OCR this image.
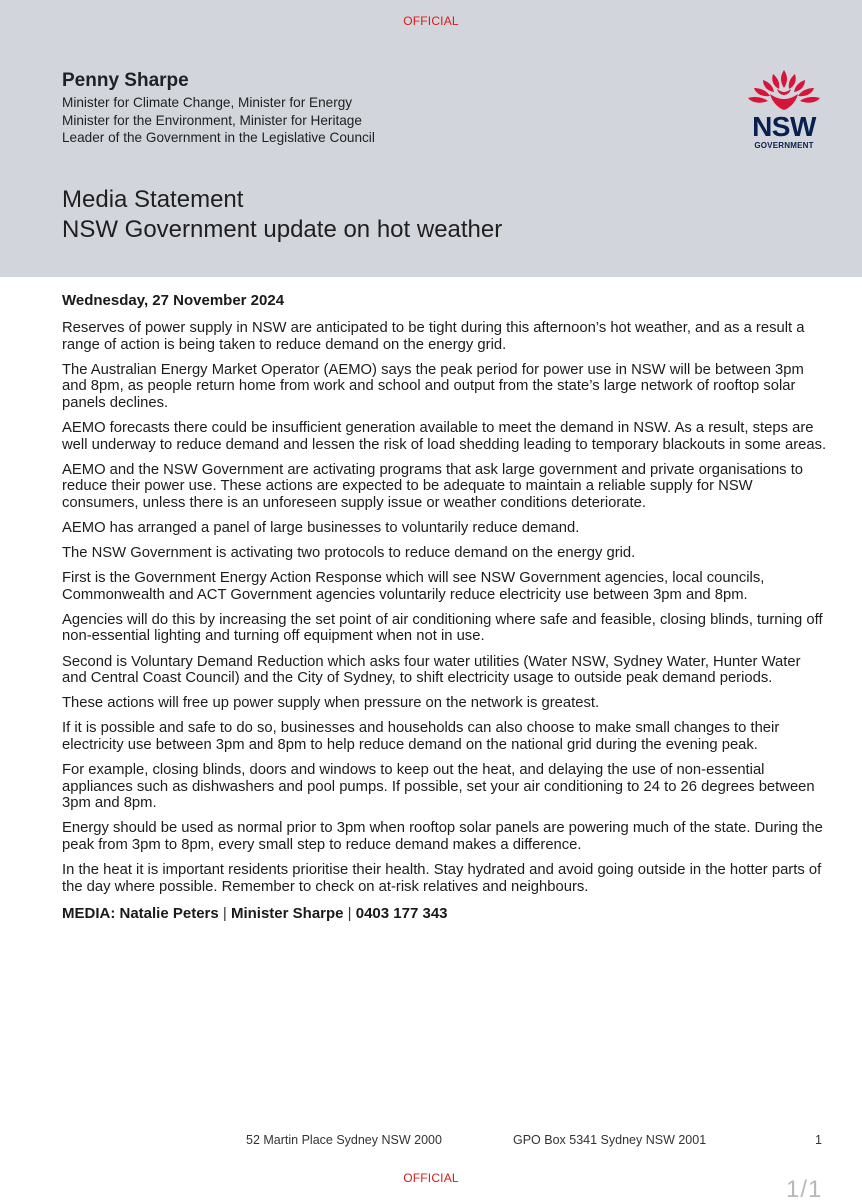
OFFICIAL
Penny Sharpe
Minister for Climate Change, Minister for Energy
Minister for the Environment, Minister for Heritage
Leader of the Government in the Legislative Council	NSW
GOVERNMENT
Media Statement
NSW Government update on hot weather
Wednesday, 27 November 2024

Reserves of power supply in NSW are anticipated to be tight during this afternoon’s hot weather, and as a result a range of action is being taken to reduce demand on the energy grid.

The Australian Energy Market Operator (AEMO) says the peak period for power use in NSW will be between 3pm and 8pm, as people return home from work and school and output from the state’s large network of rooftop solar panels declines.

AEMO forecasts there could be insufficient generation available to meet the demand in NSW. As a result, steps are well underway to reduce demand and lessen the risk of load shedding leading to temporary blackouts in some areas.

AEMO and the NSW Government are activating programs that ask large government and private organisations to reduce their power use. These actions are expected to be adequate to maintain a reliable supply for NSW consumers, unless there is an unforeseen supply issue or weather conditions deteriorate.

AEMO has arranged a panel of large businesses to voluntarily reduce demand.

The NSW Government is activating two protocols to reduce demand on the energy grid.

First is the Government Energy Action Response which will see NSW Government agencies, local councils, Commonwealth and ACT Government agencies voluntarily reduce electricity use between 3pm and 8pm.

Agencies will do this by increasing the set point of air conditioning where safe and feasible, closing blinds, turning off non-essential lighting and turning off equipment when not in use.

Second is Voluntary Demand Reduction which asks four water utilities (Water NSW, Sydney Water, Hunter Water and Central Coast Council) and the City of Sydney, to shift electricity usage to outside peak demand periods.

These actions will free up power supply when pressure on the network is greatest.

If it is possible and safe to do so, businesses and households can also choose to make small changes to their electricity use between 3pm and 8pm to help reduce demand on the national grid during the evening peak.

For example, closing blinds, doors and windows to keep out the heat, and delaying the use of non-essential appliances such as dishwashers and pool pumps. If possible, set your air conditioning to 24 to 26 degrees between 3pm and 8pm.

Energy should be used as normal prior to 3pm when rooftop solar panels are powering much of the state. During the peak from 3pm to 8pm, every small step to reduce demand makes a difference.

In the heat it is important residents prioritise their health. Stay hydrated and avoid going outside in the hotter parts of the day where possible. Remember to check on at-risk relatives and neighbours.

MEDIA: Natalie Peters | Minister Sharpe | 0403 177 343
52 Martin Place Sydney NSW 2000	GPO Box 5341 Sydney NSW 2001	1
OFFICIAL	1/1
